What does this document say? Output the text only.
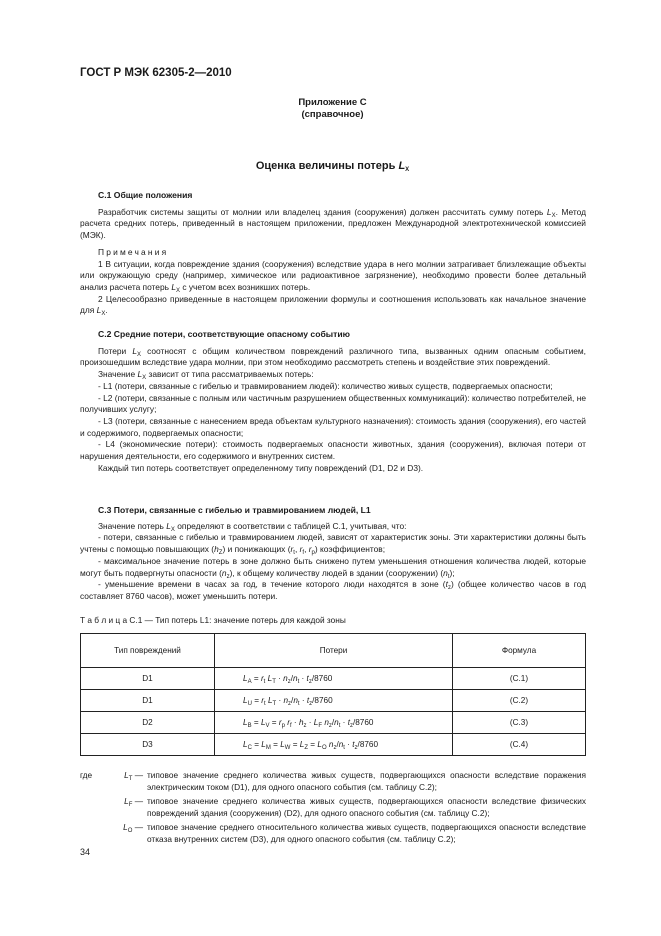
ГОСТ Р МЭК 62305-2—2010
Приложение С
(справочное)
Оценка величины потерь $L_X$

С.1 Общие положения

Разработчик системы защиты от молнии или владелец здания (сооружения) должен рассчитать сумму потерь $L_X$. Метод расчета средних потерь, приведенный в настоящем приложении, предложен Международной электротехнической комиссией (МЭК).

Примечания

1 В ситуации, когда повреждение здания (сооружения) вследствие удара в него молнии затрагивает близлежащие объекты или окружающую среду (например, химическое или радиоактивное загрязнение), необходимо провести более детальный анализ расчета потерь $L_X$ с учетом всех возникших потерь.

2 Целесообразно приведенные в настоящем приложении формулы и соотношения использовать как начальное значение для $L_X$.

С.2 Средние потери, соответствующие опасному событию

Потери $L_X$ соотносят с общим количеством повреждений различного типа, вызванных одним опасным событием, произошедшим вследствие удара молнии, при этом необходимо рассмотреть степень и воздействие этих повреждений.

Значение $L_X$ зависит от типа рассматриваемых потерь:

- L1 (потери, связанные с гибелью и травмированием людей): количество живых существ, подвергаемых опасности;

- L2 (потери, связанные с полным или частичным разрушением общественных коммуникаций): количество потребителей, не получивших услугу;

- L3 (потери, связанные с нанесением вреда объектам культурного назначения): стоимость здания (сооружения), его частей и содержимого, подвергаемых опасности;

- L4 (экономические потери): стоимость подвергаемых опасности животных, здания (сооружения), включая потери от нарушения деятельности, его содержимого и внутренних систем.

Каждый тип потерь соответствует определенному типу повреждений (D1, D2 и D3).

С.3 Потери, связанные с гибелью и травмированием людей, L1

Значение потерь $L_X$ определяют в соответствии с таблицей С.1, учитывая, что:

- потери, связанные с гибелью и травмированием людей, зависят от характеристик зоны. Эти характеристики должны быть учтены с помощью повышающих $(h_Z)$ и понижающих ($r_t$, $r_f$, $r_p$) коэффициентов;

- максимальное значение потерь в зоне должно быть снижено путем уменьшения отношения количества людей, которые могут быть подвергнуты опасности $(n_z)$, к общему количеству людей в здании (сооружении) $(n_t)$;

- уменьшение времени в часах за год, в течение которого люди находятся в зоне $(t_z)$ (общее количество часов в год составляет 8760 часов), может уменьшить потери.

Т а б л и ц а С.1 — Тип потерь L1: значение потерь для каждой зоны
Тип повреждений	Потери	Формула
D1	$L_A = r_t$ $L_T \cdot n_z/n_t \cdot t_z/8760$	(С.1)
D1	$L_U = r_t$ $L_T \cdot n_z/n_t \cdot t_z/8760$	(С.2)
D2	$L_B = L_V = r_p$ $r_f \cdot h_z \cdot L_F$ $n_z/n_t \cdot t_z/8760$	(С.3)
D3	$L_C = L_M = L_W = L_Z = L_O$ $n_z/n_t \cdot t_z/8760$	(С.4)
где	$L_T$ — типовое значение среднего количества живых существ, подвергающихся опасности вследствие поражения электрическим током (D1), для одного опасного события (см. таблицу С.2);
$L_F$ — типовое значение среднего количества живых существ, подвергающихся опасности вследствие физических повреждений здания (сооружения) (D2), для одного опасного события (см. таблицу С.2);
$L_O$ — типовое значение среднего относительного количества живых существ, подвергающихся опасности вследствие отказа внутренних систем (D3), для одного опасного события (см. таблицу С.2);
34
